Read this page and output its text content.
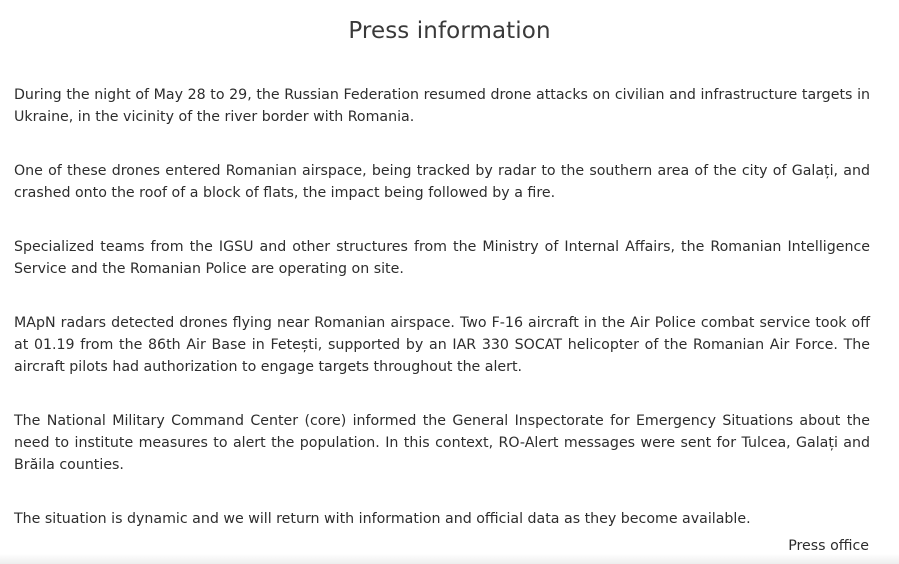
Press information

During the night of May 28 to 29, the Russian Federation resumed drone attacks on civilian and infrastructure targets in Ukraine, in the vicinity of the river border with Romania.

One of these drones entered Romanian airspace, being tracked by radar to the southern area of the city of Galați, and crashed onto the roof of a block of flats, the impact being followed by a fire.

Specialized teams from the IGSU and other structures from the Ministry of Internal Affairs, the Romanian Intelligence Service and the Romanian Police are operating on site.

MApN radars detected drones flying near Romanian airspace. Two F-16 aircraft in the Air Police combat service took off at 01.19 from the 86th Air Base in Fetești, supported by an IAR 330 SOCAT helicopter of the Romanian Air Force. The aircraft pilots had authorization to engage targets throughout the alert.

The National Military Command Center (core) informed the General Inspectorate for Emergency Situations about the need to institute measures to alert the population. In this context, RO-Alert messages were sent for Tulcea, Galați and Brăila counties.

The situation is dynamic and we will return with information and official data as they become available.

Press office
